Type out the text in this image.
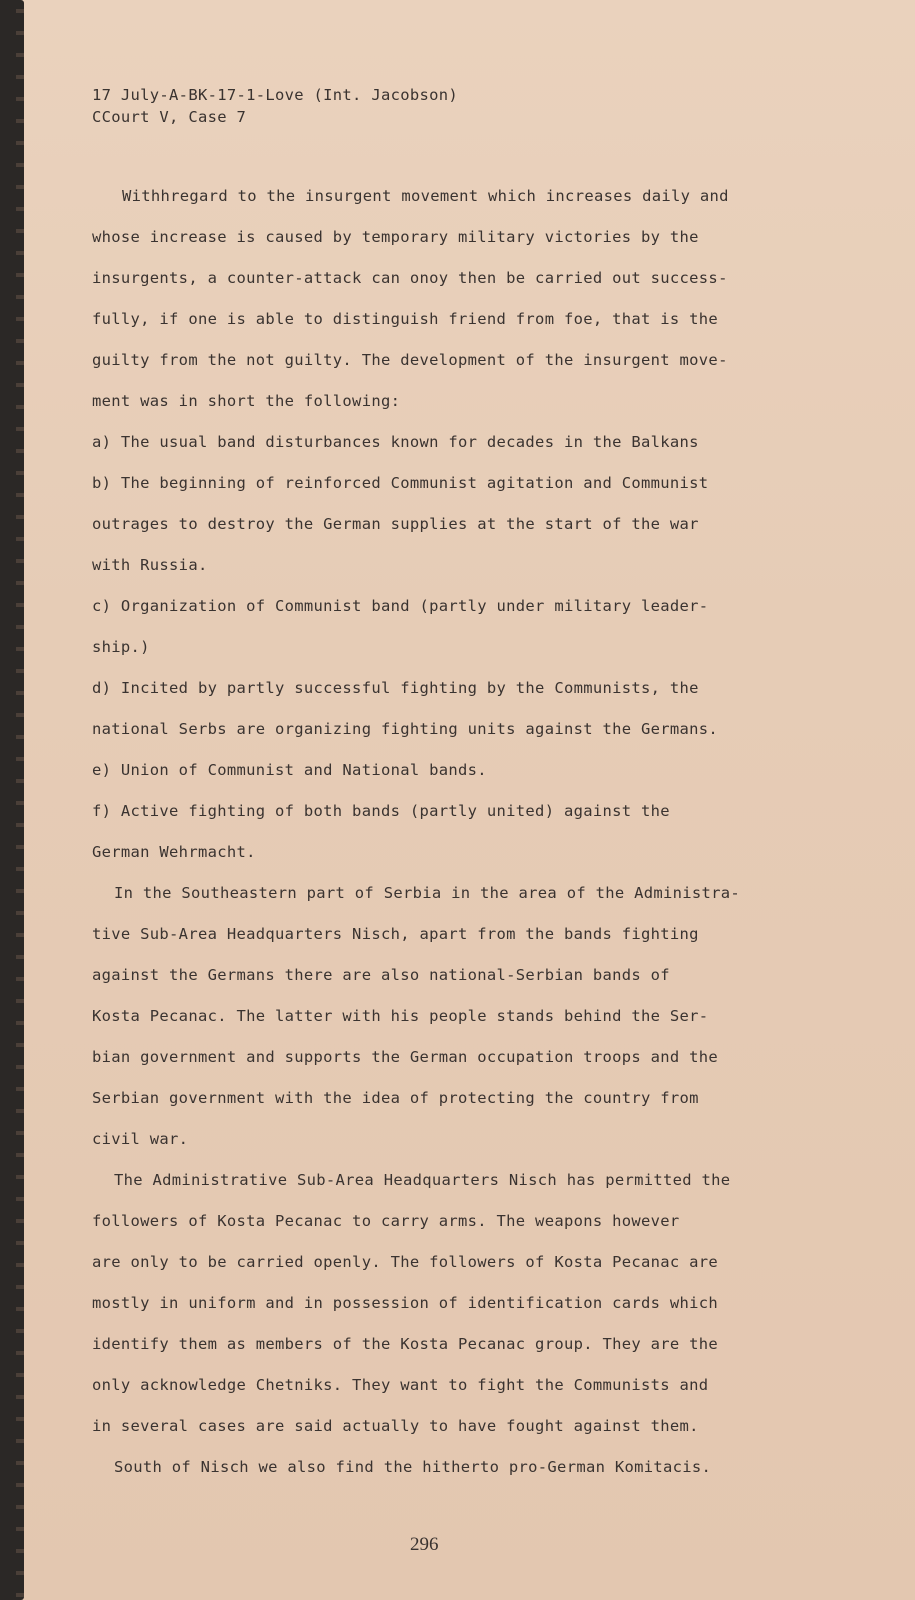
17 July-A-BK-17-1-Love (Int. Jacobson)
CCourt V, Case 7
Withhregard to the insurgent movement which increases daily and
whose increase is caused by temporary military victories by the
insurgents, a counter-attack can onoy then be carried out success-
fully, if one is able to distinguish friend from foe, that is the
guilty from the not guilty. The development of the insurgent move-
ment was in short the following:
a) The usual band disturbances known for decades in the Balkans
b) The beginning of reinforced Communist agitation and Communist
outrages to destroy the German supplies at the start of the war
with Russia.
c) Organization of Communist band (partly under military leader-
ship.)
d) Incited by partly successful fighting by the Communists, the
national Serbs are organizing fighting units against the Germans.
e) Union of Communist and National bands.
f) Active fighting of both bands (partly united) against the
German Wehrmacht.
In the Southeastern part of Serbia in the area of the Administra-
tive Sub-Area Headquarters Nisch, apart from the bands fighting
against the Germans there are also national-Serbian bands of
Kosta Pecanac. The latter with his people stands behind the Ser-
bian government and supports the German occupation troops and the
Serbian government with the idea of protecting the country from
civil war.
The Administrative Sub-Area Headquarters Nisch has permitted the
followers of Kosta Pecanac to carry arms. The weapons however
are only to be carried openly. The followers of Kosta Pecanac are
mostly in uniform and in possession of identification cards which
identify them as members of the Kosta Pecanac group. They are the
only acknowledge Chetniks. They want to fight the Communists and
in several cases are said actually to have fought against them.
South of Nisch we also find the hitherto pro-German Komitacis.
296
